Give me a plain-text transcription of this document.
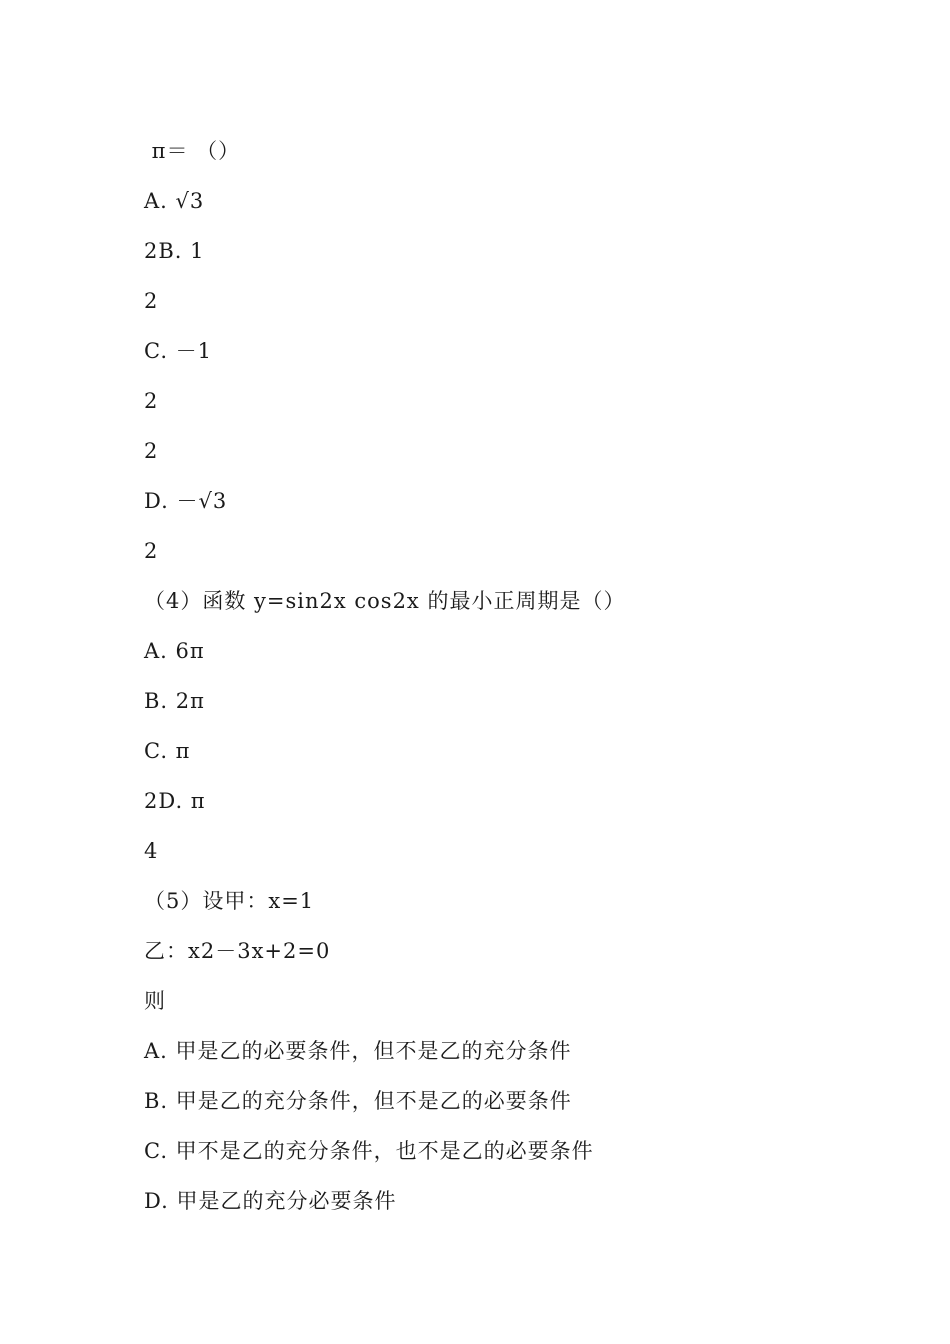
π＝ （）
A. √3
2B. 1
2
C. －1
2
2
D. －√3
2
（4）函数 y=sin2x cos2x 的最小正周期是（）
A. 6π
B. 2π
C. π
2D. π
4
（5）设甲：x=1
乙：x2－3x+2=0
则
A. 甲是乙的必要条件，但不是乙的充分条件
B. 甲是乙的充分条件，但不是乙的必要条件
C. 甲不是乙的充分条件，也不是乙的必要条件
D. 甲是乙的充分必要条件
